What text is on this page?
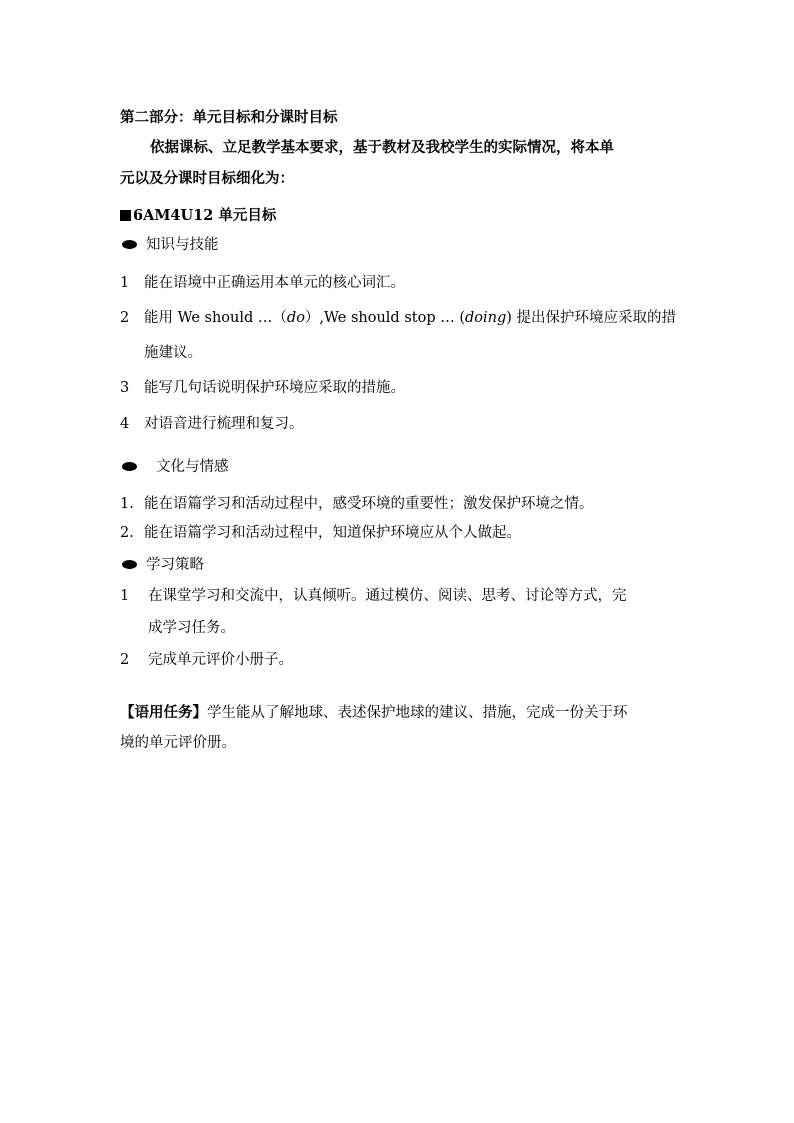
第二部分：单元目标和分课时目标
依据课标、立足教学基本要求，基于教材及我校学生的实际情况，将本单
元以及分课时目标细化为：
6AM4U12 单元目标
知识与技能
1 能在语境中正确运用本单元的核心词汇。
2 能用 We should …（do）,We should stop … (doing) 提出保护环境应采取的措
施建议。
3 能写几句话说明保护环境应采取的措施。
4 对语音进行梳理和复习。
文化与情感
1. 能在语篇学习和活动过程中，感受环境的重要性；激发保护环境之情。
2. 能在语篇学习和活动过程中，知道保护环境应从个人做起。
学习策略
1 在课堂学习和交流中，认真倾听。通过模仿、阅读、思考、讨论等方式，完
成学习任务。
2 完成单元评价小册子。
【语用任务】学生能从了解地球、表述保护地球的建议、措施，完成一份关于环
境的单元评价册。
